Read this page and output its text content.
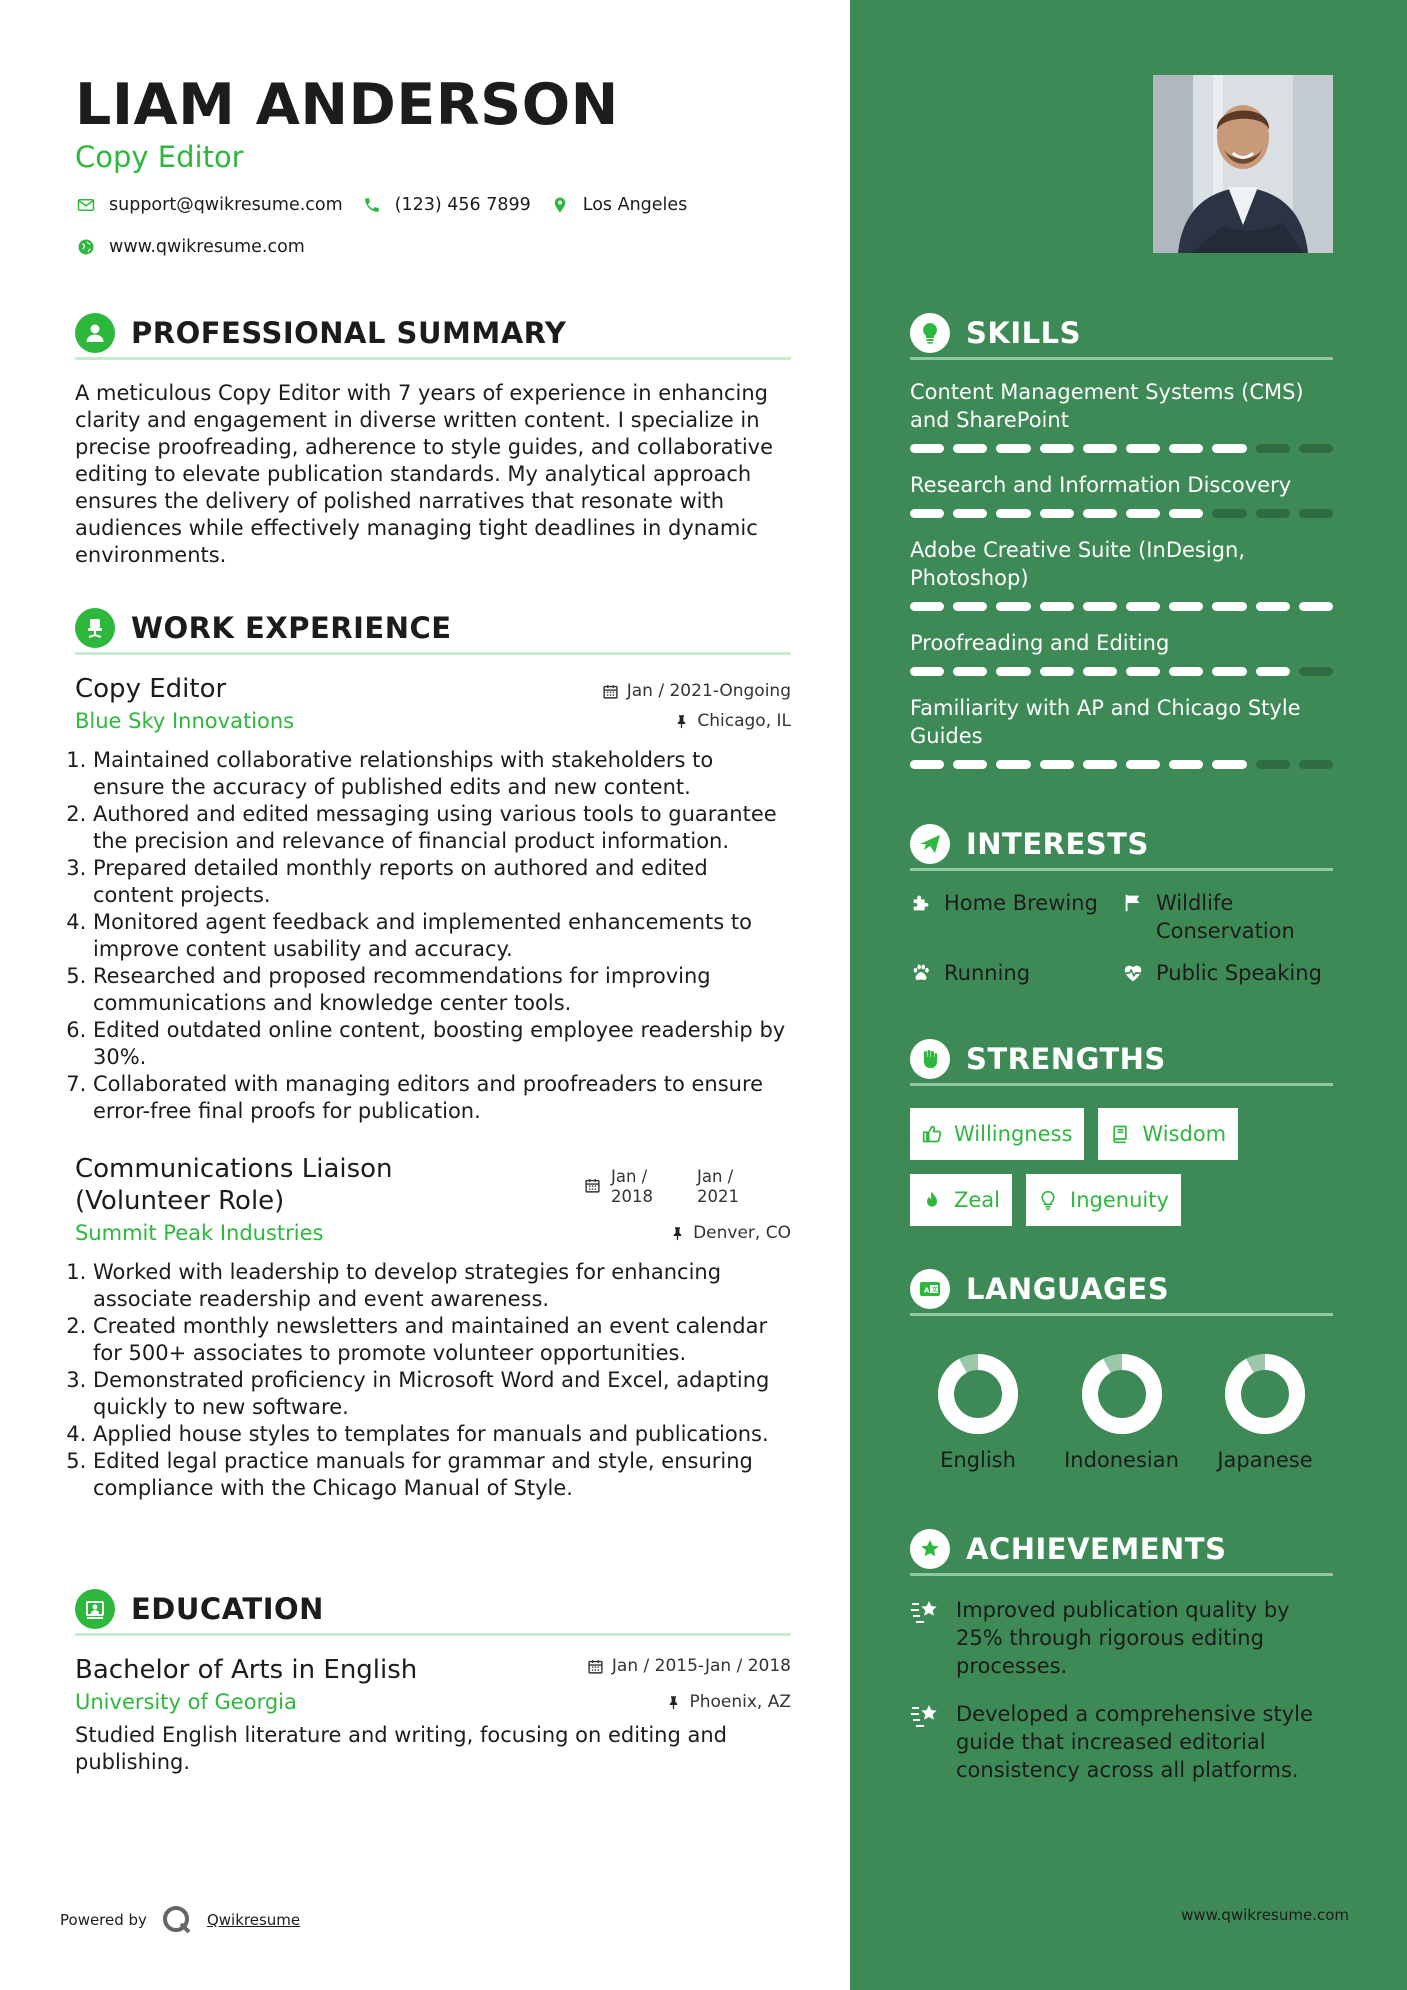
LIAM ANDERSON
Copy Editor
support@qwikresume.com	(123) 456 7899	Los Angeles
www.qwikresume.com
PROFESSIONAL SUMMARY
A meticulous Copy Editor with 7 years of experience in enhancing clarity and engagement in diverse written content. I specialize in precise proofreading, adherence to style guides, and collaborative editing to elevate publication standards. My analytical approach ensures the delivery of polished narratives that resonate with audiences while effectively managing tight deadlines in dynamic environments.
WORK EXPERIENCE
Copy Editor	Jan / 2021-Ongoing
Blue Sky Innovations	Chicago, IL
1. Maintained collaborative relationships with stakeholders to ensure the accuracy of published edits and new content.
2. Authored and edited messaging using various tools to guarantee the precision and relevance of financial product information.
3. Prepared detailed monthly reports on authored and edited content projects.
4. Monitored agent feedback and implemented enhancements to improve content usability and accuracy.
5. Researched and proposed recommendations for improving communications and knowledge center tools.
6. Edited outdated online content, boosting employee readership by 30%.
7. Collaborated with managing editors and proofreaders to ensure error-free final proofs for publication.
Communications Liaison (Volunteer Role)
Jan / 2018
Jan / 2021
Summit Peak Industries	Denver, CO
1. Worked with leadership to develop strategies for enhancing associate readership and event awareness.
2. Created monthly newsletters and maintained an event calendar for 500+ associates to promote volunteer opportunities.
3. Demonstrated proficiency in Microsoft Word and Excel, adapting quickly to new software.
4. Applied house styles to templates for manuals and publications.
5. Edited legal practice manuals for grammar and style, ensuring compliance with the Chicago Manual of Style.
EDUCATION
Bachelor of Arts in English	Jan / 2015-Jan / 2018
University of Georgia	Phoenix, AZ
Studied English literature and writing, focusing on editing and publishing.
Powered by	Qwikresume	www.qwikresume.com
SKILLS
Content Management Systems (CMS) and SharePoint
Research and Information Discovery
Adobe Creative Suite (InDesign, Photoshop)
Proofreading and Editing
Familiarity with AP and Chicago Style Guides
INTERESTS
Home Brewing	Wildlife Conservation
Running	Public Speaking
STRENGTHS
Willingness	Wisdom
Zeal	Ingenuity
A 文 LANGUAGES
English	Indonesian	Japanese
ACHIEVEMENTS
Improved publication quality by 25% through rigorous editing processes.
Developed a comprehensive style guide that increased editorial consistency across all platforms.
